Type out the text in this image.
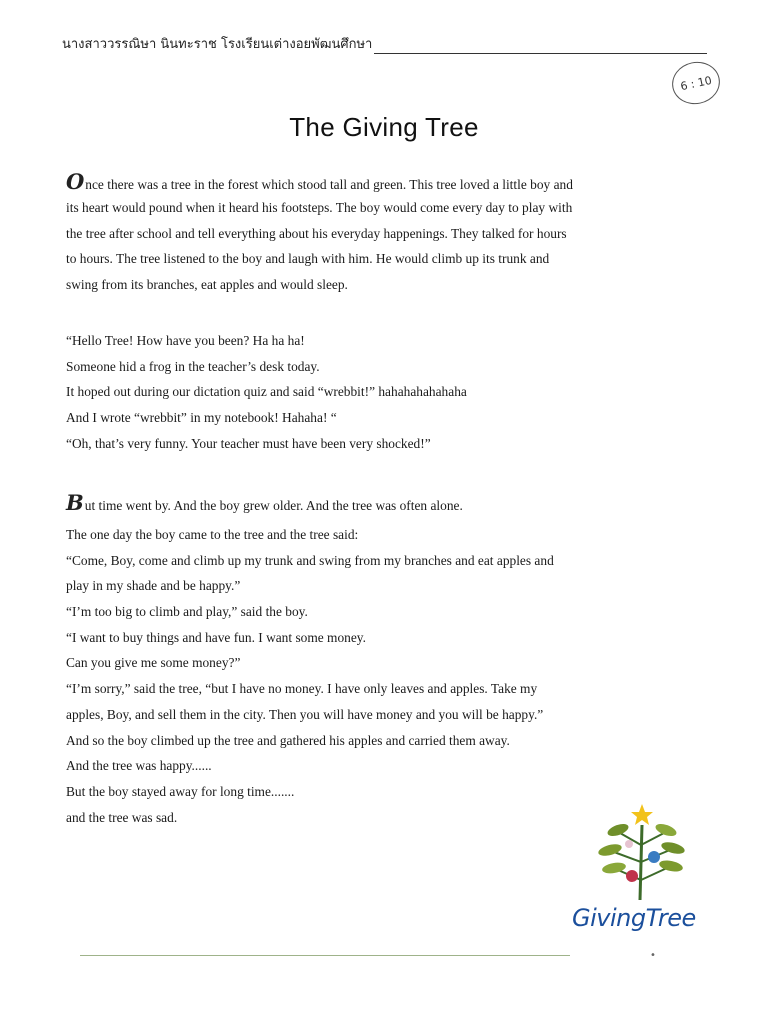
นางสาววรรณิษา นินทะราช โรงเรียนเต่างอยพัฒนศึกษา
6 : 10
The Giving Tree
Once there was a tree in the forest which stood tall and green. This tree loved a little boy and
its heart would pound when it heard his footsteps. The boy would come every day to play with
the tree after school and tell everything about his everyday happenings. They talked for hours
to hours. The tree listened to the boy and laugh with him. He would climb up its trunk and
swing from its branches, eat apples and would sleep.
“Hello Tree! How have you been? Ha ha ha!
Someone hid a frog in the teacher’s desk today.
It hoped out during our dictation quiz and said “wrebbit!” hahahahahahaha
And I wrote “wrebbit” in my notebook! Hahaha! “
“Oh, that’s very funny. Your teacher must have been very shocked!”
But time went by. And the boy grew older. And the tree was often alone.
The one day the boy came to the tree and the tree said:
“Come, Boy, come and climb up my trunk and swing from my branches and eat apples and
play in my shade and be happy.”
“I’m too big to climb and play,” said the boy.
“I want to buy things and have fun. I want some money.
Can you give me some money?”
“I’m sorry,” said the tree, “but I have no money. I have only leaves and apples. Take my
apples, Boy, and sell them in the city. Then you will have money and you will be happy.”
And so the boy climbed up the tree and gathered his apples and carried them away.
And the tree was happy......
But the boy stayed away for long time.......
and the tree was sad.
GivingTree
•
